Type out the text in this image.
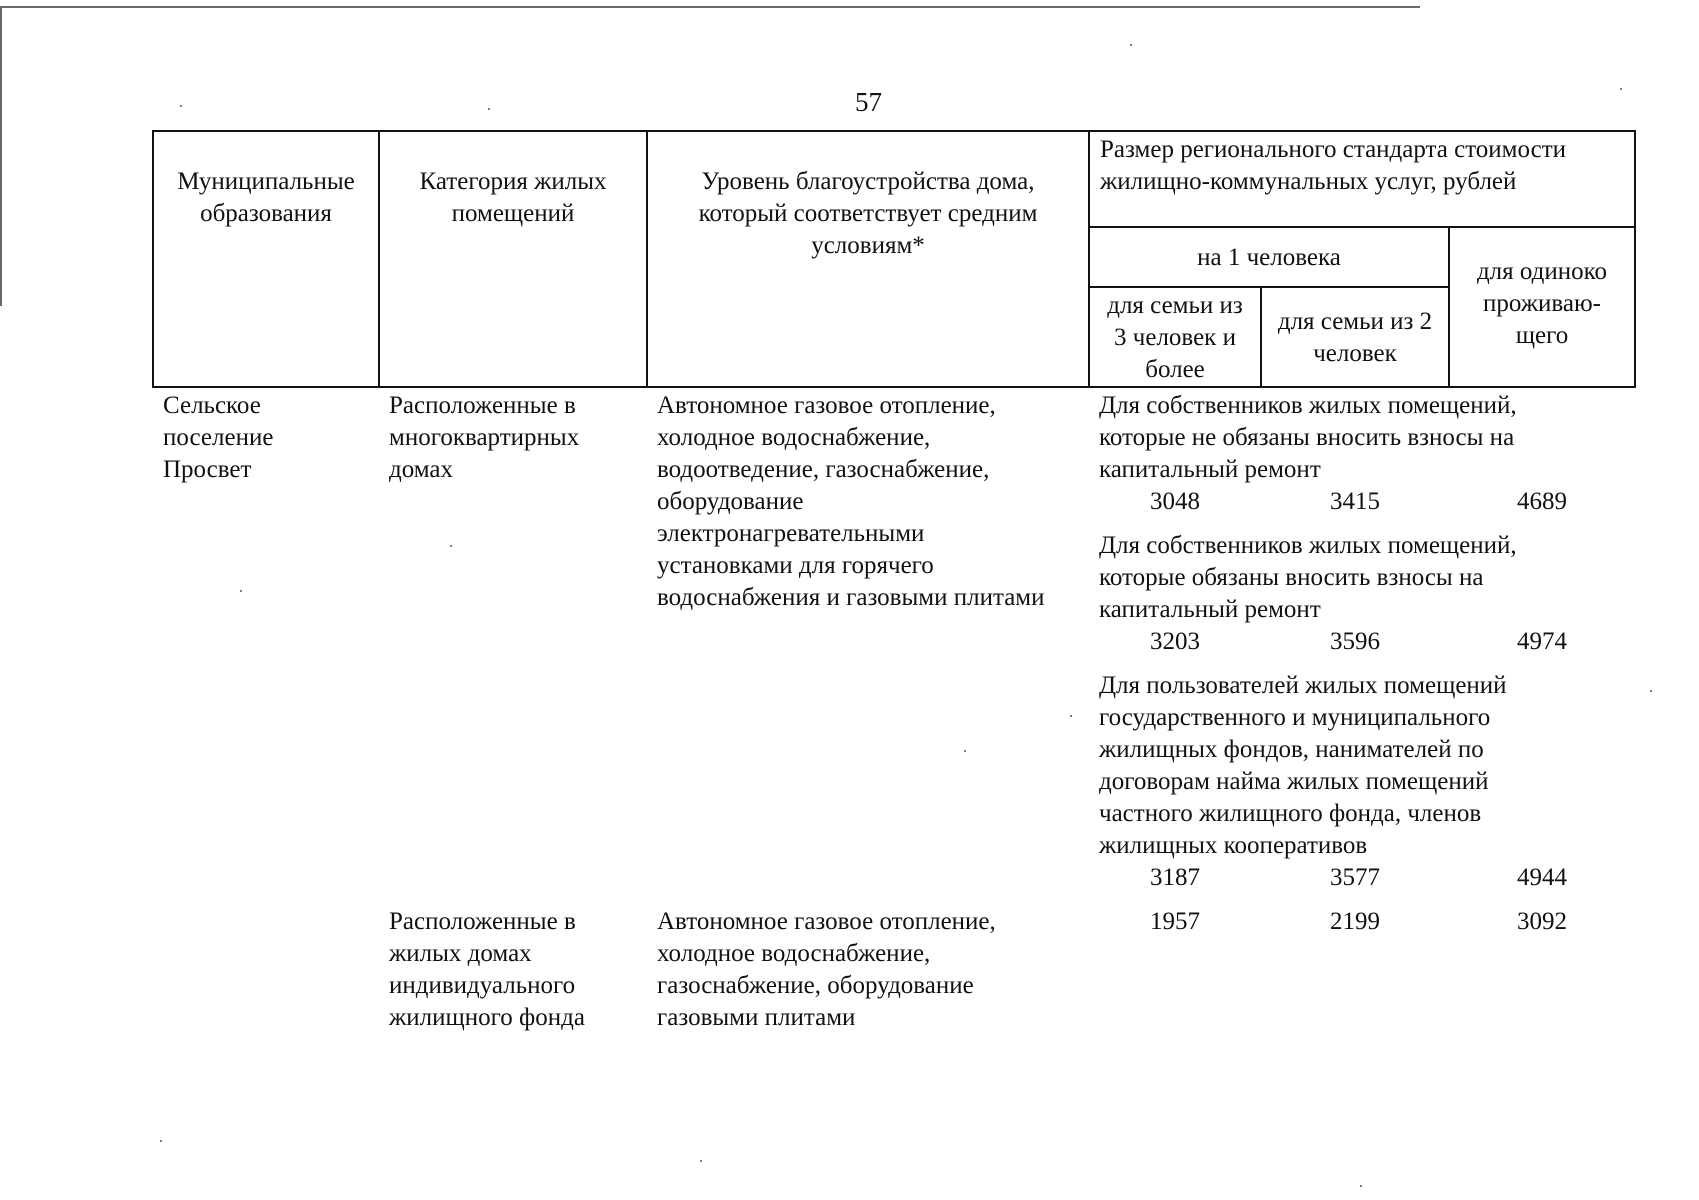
57
Муниципальные образования	Категория жилых помещений	Уровень благоустройства дома, который соответствует средним условиям*	Размер регионального стандарта стоимости жилищно-коммунальных услуг, рублей		

			на 1 человека		для одиноко проживаю-щего

			для семьи из 3 человек и более	для семьи из 2 человек	

Сельское поселение Просвет	Расположенные в многоквартирных домах	Автономное газовое отопление, холодное водоснабжение, водоотведение, газоснабжение, оборудование электронагревательными установками для горячего водоснабжения и газовыми плитами	Для собственников жилых помещений, которые не обязаны вносить взносы на капитальный ремонт		

			3048	3415	4689

			Для собственников жилых помещений, которые обязаны вносить взносы на капитальный ремонт		

			3203	3596	4974

			Для пользователей жилых помещений государственного и муниципального жилищных фондов, нанимателей по договорам найма жилых помещений частного жилищного фонда, членов жилищных кооперативов		

			3187	3577	4944

	Расположенные в жилых домах индивидуального жилищного фонда	Автономное газовое отопление, холодное водоснабжение, газоснабжение, оборудование газовыми плитами	1957	2199	3092
